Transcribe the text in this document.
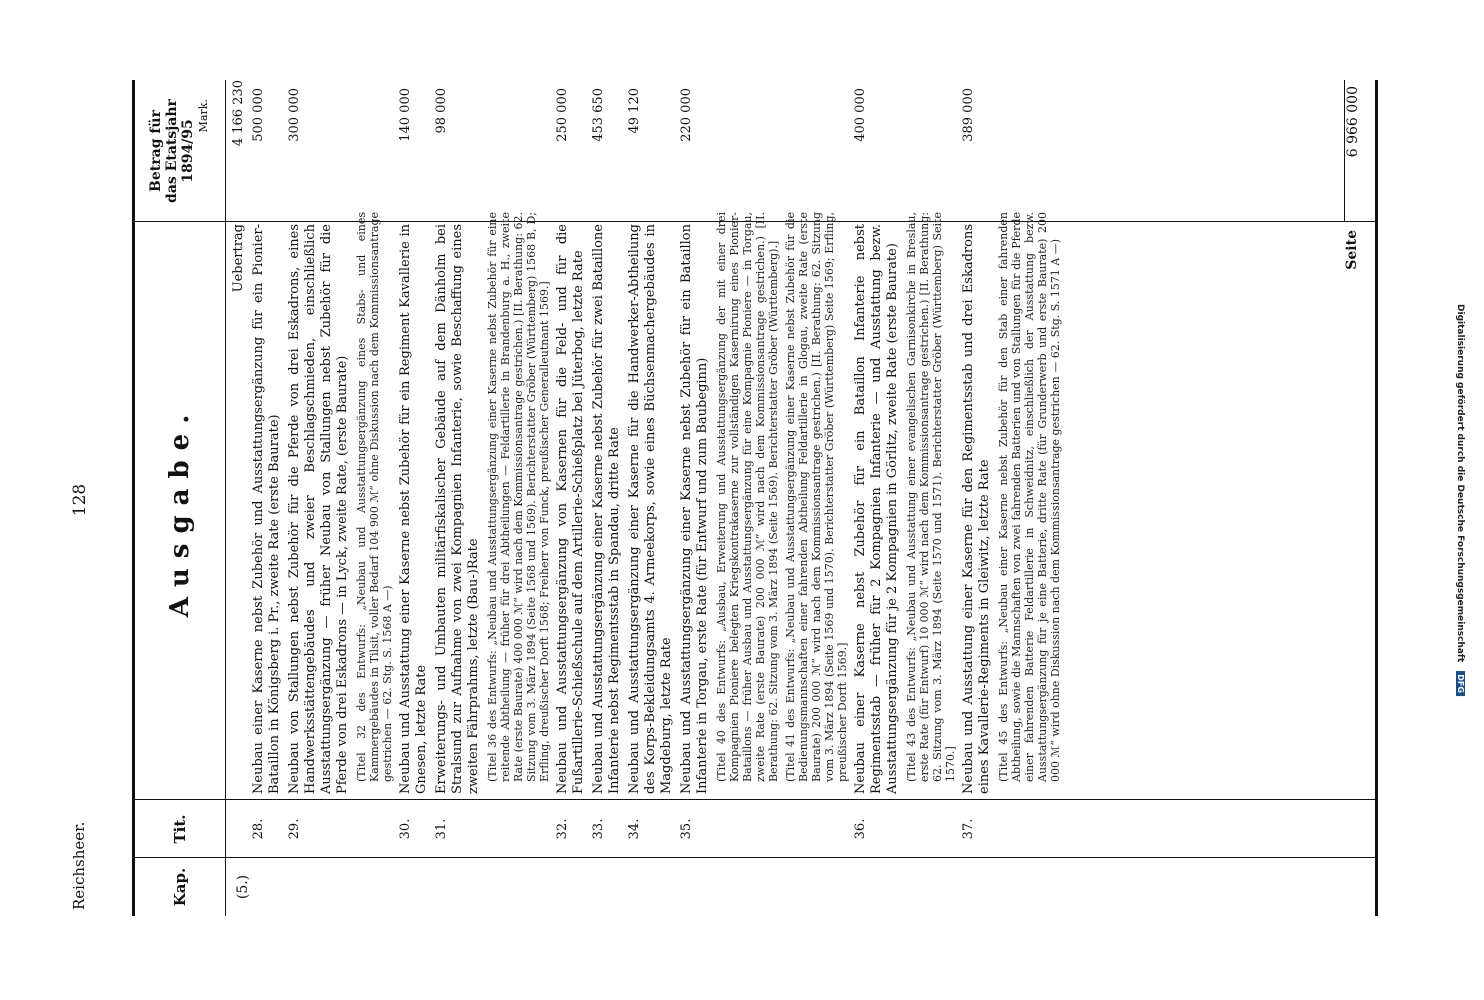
Reichsheer.
128
Kap.
Tit.
Ausgabe.
Betrag für das Etatsjahr 1894/95
Mark.
(5.)
Uebertrag
4 166 230
28.
Neubau einer Kaserne nebst Zubehör und Ausstattungsergänzung für ein Pionier-Bataillon in Königsberg i. Pr., zweite Rate (erste Baurate)
500 000
29.
Neubau von Stallungen nebst Zubehör für die Pferde von drei Eskadrons, eines Handwerksstättengebäudes und zweier Beschlagschmieden, einschließlich Ausstattungsergänzung — früher Neubau von Stallungen nebst Zubehör für die Pferde von drei Eskadrons — in Lyck, zweite Rate, (erste Baurate)
300 000
(Titel 32 des Entwurfs: „Neubau und Ausstattungsergänzung eines Stabs- und eines Kammergebäudes in Tilsit, voller Bedarf 104 900 ℳ“ ohne Diskussion nach dem Kommissionsantrage gestrichen — 62. Stg. S. 1568 A —)
30.
Neubau und Ausstattung einer Kaserne nebst Zubehör für ein Regiment Kavallerie in Gnesen, letzte Rate
140 000
31.
Erweiterungs- und Umbauten militärfiskalischer Gebäude auf dem Dänholm bei Stralsund zur Aufnahme von zwei Kompagnien Infanterie, sowie Beschaffung eines zweiten Fährprahms, letzte (Bau-)Rate
98 000
(Titel 36 des Entwurfs: „Neubau und Ausstattungsergänzung einer Kaserne nebst Zubehör für eine reitende Abtheilung — früher für drei Abtheilungen — Feldartillerie in Brandenburg a. H., zweite Rate (erste Baurate) 400 000 ℳ“ wird nach dem Kommissionsantrage gestrichen.) [II. Berathung: 62. Sitzung vom 3. März 1894 (Seite 1568 und 1569). Berichterstatter Gröber (Württemberg) 1568 B, D; Erfling, dreußischer Dorft 1568; Freiherr von Funck, preußischer Generalleutnant 1569.]
32.
Neubau und Ausstattungsergänzung von Kasernen für die Feld- und für die Fußartillerie-Schießschule auf dem Artillerie-Schießplatz bei Jüterbog, letzte Rate
250 000
33.
Neubau und Ausstattungsergänzung einer Kaserne nebst Zubehör für zwei Bataillone Infanterie nebst Regimentsstab in Spandau, dritte Rate
453 650
34.
Neubau und Ausstattungsergänzung einer Kaserne für die Handwerker-Abtheilung des Korps-Bekleidungsamts 4. Armeekorps, sowie eines Büchsenmachergebäudes in Magdeburg, letzte Rate
49 120
35.
Neubau und Ausstattungsergänzung einer Kaserne nebst Zubehör für ein Bataillon Infanterie in Torgau, erste Rate (für Entwurf und zum Baubeginn)
220 000
(Titel 40 des Entwurfs: „Ausbau, Erweiterung und Ausstattungsergänzung der mit einer drei Kompagnien Pioniere belegten Kriegskontrakaserne zur vollständigen Kasernirung eines Pionier-Bataillons — früher Ausbau und Ausstattungsergänzung für eine Kompagnie Pioniere — in Torgau, zweite Rate (erste Baurate) 200 000 ℳ“ wird nach dem Kommissionsantrage gestrichen.) [II. Berathung: 62. Sitzung vom 3. März 1894 (Seite 1569). Berichterstatter Gröber (Württemberg).] (Titel 41 des Entwurfs: „Neubau und Ausstattungsergänzung einer Kaserne nebst Zubehör für die Bedienungsmannschaften einer fahrenden Abtheilung Feldartillerie in Glogau, zweite Rate (erste Baurate) 200 000 ℳ“ wird nach dem Kommissionsantrage gestrichen.) [II. Berathung: 62. Sitzung vom 3. März 1894 (Seite 1569 und 1570). Berichterstatter Gröber (Württemberg) Seite 1569; Erfling, preußischer Dorft 1569.]
36.
Neubau einer Kaserne nebst Zubehör für ein Bataillon Infanterie nebst Regimentsstab — früher für 2 Kompagnien Infanterie — und Ausstattung bezw. Ausstattungsergänzung für je 2 Kompagnien in Görlitz, zweite Rate (erste Baurate)
400 000
(Titel 43 des Entwurfs: „Neubau und Ausstattung einer evangelischen Garnisonkirche in Breslau, erste Rate (für Entwurf) 10 000 ℳ“ wird nach dem Kommissionsantrage gestrichen.) [II. Berathung: 62. Sitzung vom 3. März 1894 (Seite 1570 und 1571). Berichterstatter Gröber (Württemberg) Seite 1570.]
37.
Neubau und Ausstattung einer Kaserne für den Regimentsstab und drei Eskadrons eines Kavallerie-Regiments in Gleiwitz, letzte Rate
389 000
(Titel 45 des Entwurfs: „Neubau einer Kaserne nebst Zubehör für den Stab einer fahrenden Abtheilung, sowie die Mannschaften von zwei fahrenden Batterien und von Stallungen für die Pferde einer fahrenden Batterie Feldartillerie in Schweidnitz, einschließlich der Ausstattung bezw. Ausstattungsergänzung für je eine Batterie, dritte Rate (für Grunderwerb und erste Baurate) 200 000 ℳ“ wird ohne Diskussion nach dem Kommissionsantrage gestrichen — 62. Stg. S. 1571 A —)	Seite
6 966 000
Digitalisierung gefördert durch die Deutsche Forschungsgemeinschaft DFG
